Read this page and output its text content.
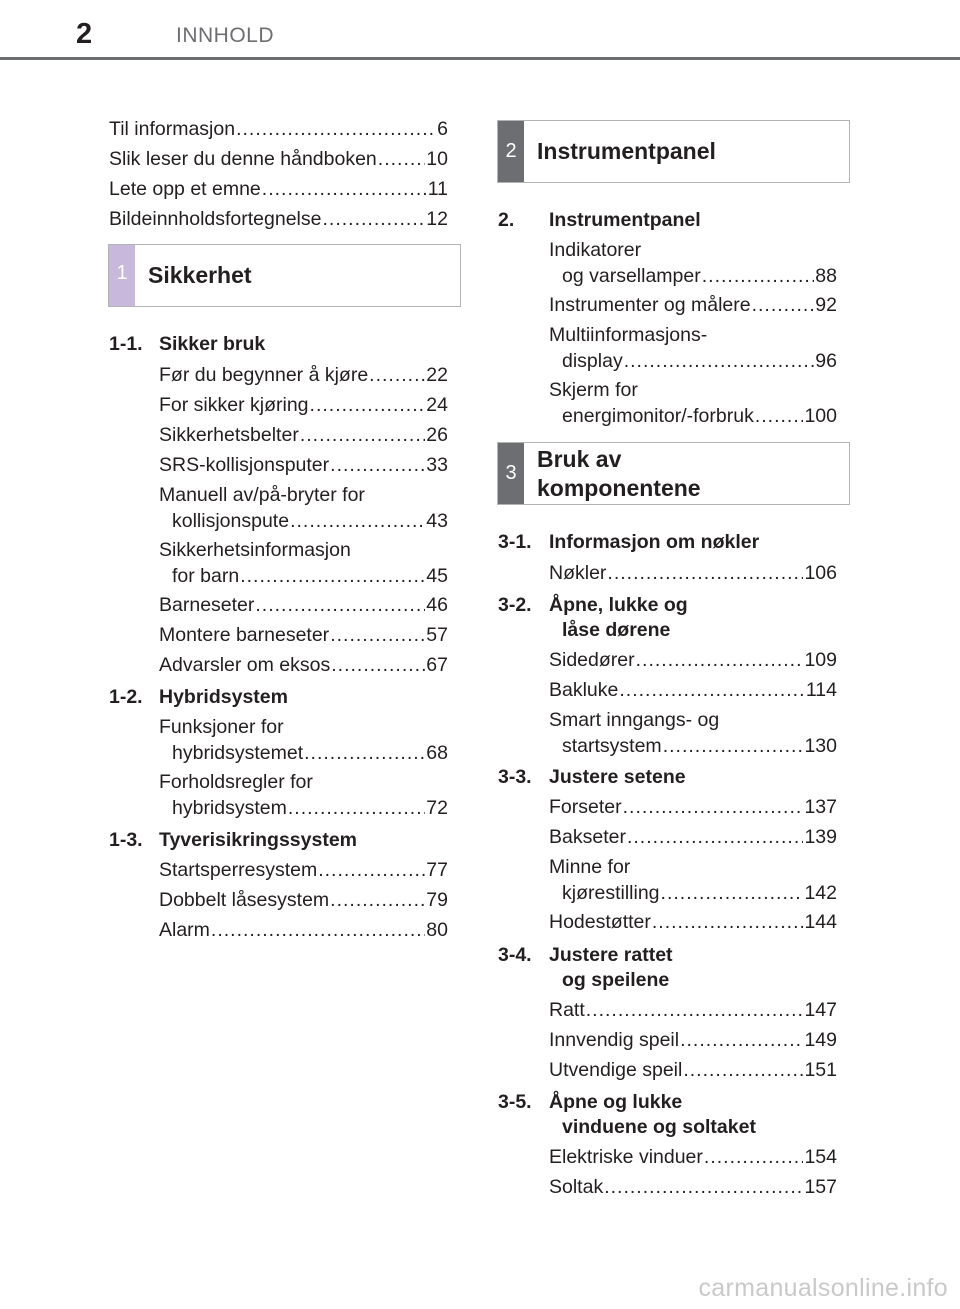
2	INNHOLD
Til informasjon .....	6
Slik leser du denne håndboken .....	10
Lete opp et emne .....	11
Bildeinnholdsfortegnelse .....	12
1 Sikkerhet
1-1. Sikker bruk
Før du begynner å kjøre .....	22
For sikker kjøring .....	24
Sikkerhetsbelter .....	26
SRS-kollisjonsputer .....	33
Manuell av/på-bryter for
kollisjonspute .....	43
Sikkerhetsinformasjon
for barn .....	45
Barneseter .....	46
Montere barneseter .....	57
Advarsler om eksos .....	67
1-2. Hybridsystem
Funksjoner for
hybridsystemet .....	68
Forholdsregler for
hybridsystem .....	72
1-3. Tyverisikringssystem
Startsperresystem .....	77
Dobbelt låsesystem .....	79
Alarm .....	80
2 Instrumentpanel
2. Instrumentpanel
Indikatorer
og varsellamper .....	88
Instrumenter og målere .....	92
Multiinformasjons-
display .....	96
Skjerm for
energimonitor/-forbruk .....	100
3
Bruk av
komponentene
3-1. Informasjon om nøkler
Nøkler .....	106
3-2. Åpne, lukke og
låse dørene
Sidedører .....	109
Bakluke .....	114
Smart inngangs- og
startsystem .....	130
3-3. Justere setene
Forseter .....	137
Bakseter .....	139
Minne for
kjørestilling .....	142
Hodestøtter .....	144
3-4. Justere rattet
og speilene
Ratt .....	147
Innvendig speil .....	149
Utvendige speil .....	151
3-5. Åpne og lukke
vinduene og soltaket
Elektriske vinduer .....	154
Soltak .....	157
carmanualsonline.info
